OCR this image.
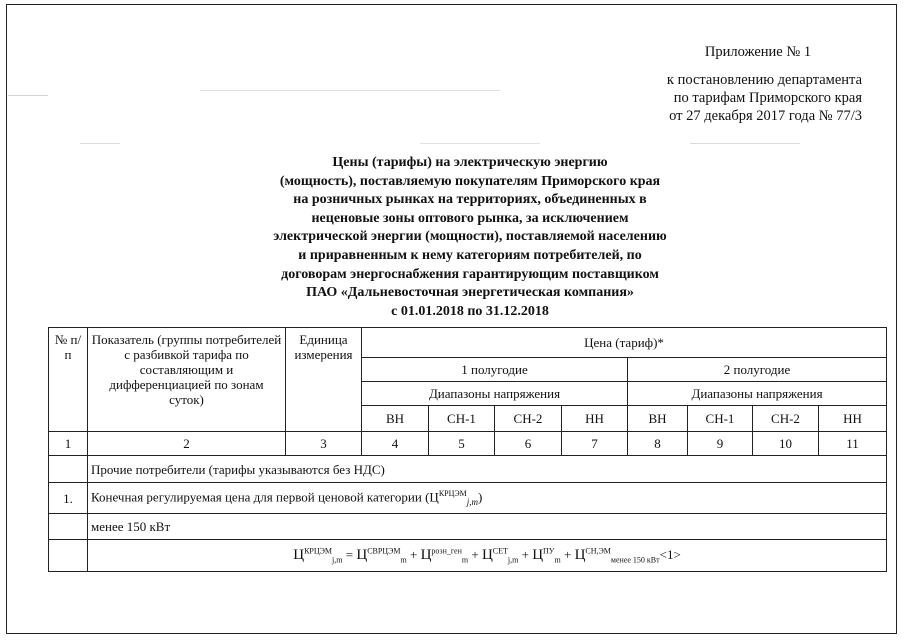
Приложение № 1
к постановлению департамента
по тарифам Приморского края
от 27 декабря 2017 года № 77/3
Цены (тарифы) на электрическую энергию
(мощность), поставляемую покупателям Приморского края
на розничных рынках на территориях, объединенных в
неценовые зоны оптового рынка, за исключением
электрической энергии (мощности), поставляемой населению
и приравненным к нему категориям потребителей, по
договорам энергоснабжения гарантирующим поставщиком
ПАО «Дальневосточная энергетическая компания»
с 01.01.2018 по 31.12.2018
№ п/п	Показатель (группы потребителей с разбивкой тарифа по составляющим и дифференциацией по зонам суток)	Единица измерения	Цена (тариф)*							
			1 полугодие				2 полугодие			
			Диапазоны напряжения				Диапазоны напряжения			
			ВН	СН-1	СН-2	НН	ВН	СН-1	СН-2	НН
1	2	3	4	5	6	7	8	9	10	11
	Прочие потребители (тарифы указываются без НДС)									
1.	Конечная регулируемая цена для первой ценовой категории $(Ц^{КРЦЭМ}_{j,m})$									
	менее 150 кВт									
	$Ц^{КРЦЭМ}_{j,m} = Ц^{СВРЦЭМ}_m + Ц^{розн\_ген}_m + Ц^{СЕТ}_{j,m} + Ц^{ПУ}_m + Ц^{СН,ЭМ}_{менее 150 кВт}<1>$									
